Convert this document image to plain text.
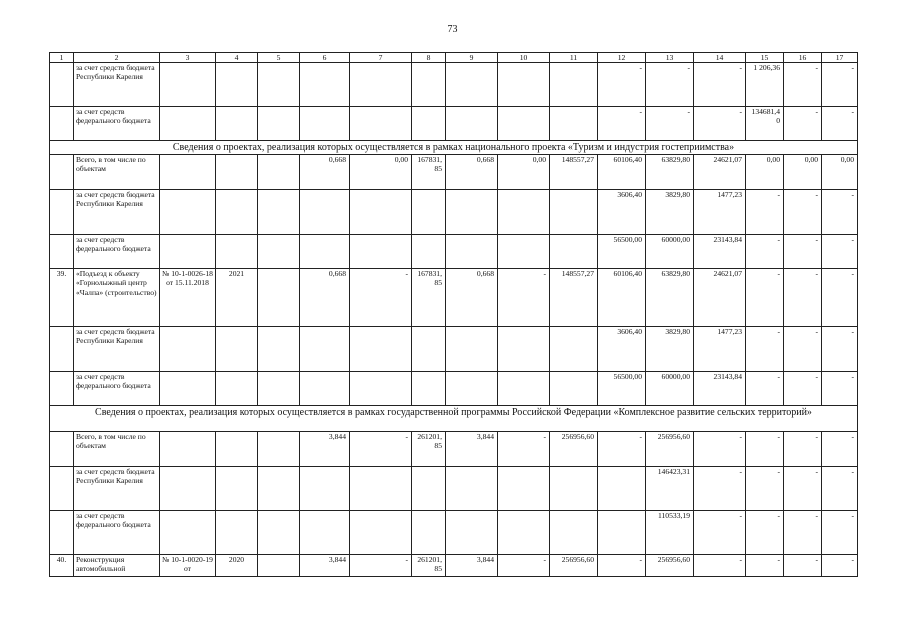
73
1	2	3	4	5	6	7	8	9	10	11	12	13	14	15	16	17
	за счет средств бюджета Республики Карелия										-	-	-	1 206,36	-	-
	за счет средств федерального бюджета										-	-	-	134681,40	-	-
Сведения о проектах, реализация которых осуществляется в рамках национального проекта «Туризм и индустрия гостеприимства»																
	Всего, в том числе по объектам				0,668	0,00	167831,85	0,668	0,00	148557,27	60106,40	63829,80	24621,07	0,00	0,00	0,00
	за счет средств бюджета Республики Карелия										3606,40	3829,80	1477,23	-	-	-
	за счет средств федерального бюджета										56500,00	60000,00	23143,84	-	-	-
39.	«Подъезд к объекту «Горнолыжный центр «Чалпа» (строительство)	№ 10-1-0026-18 от 15.11.2018	2021		0,668	-	167831,85	0,668	-	148557,27	60106,40	63829,80	24621,07	-	-	-
	за счет средств бюджета Республики Карелия										3606,40	3829,80	1477,23	-	-	-
	за счет средств федерального бюджета										56500,00	60000,00	23143,84	-	-	-
Сведения о проектах, реализация которых осуществляется в рамках государственной программы Российской Федерации «Комплексное развитие сельских территорий»																
	Всего, в том числе по объектам				3,844	-	261201,85	3,844	-	256956,60	-	256956,60	-	-	-	-
	за счет средств бюджета Республики Карелия											146423,31	-	-	-	-
	за счет средств федерального бюджета											110533,19	-	-	-	-
40.	Реконструкция автомобильной	№ 10-1-0020-19 от	2020		3,844	-	261201,85	3,844	-	256956,60	-	256956,60	-	-	-	-
